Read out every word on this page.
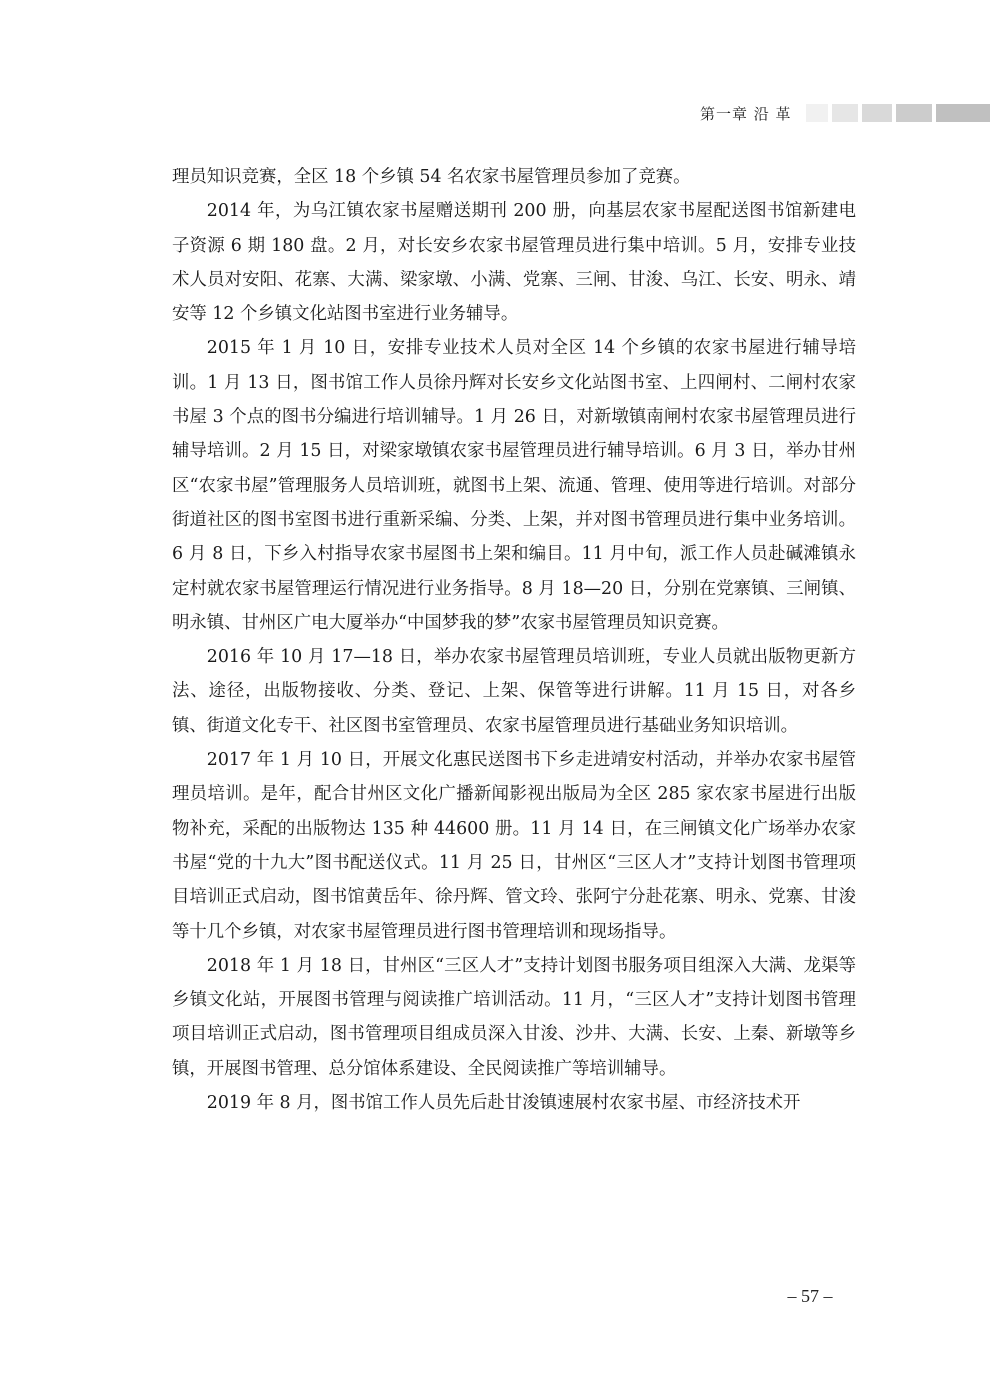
第一章 沿 革

理员知识竞赛，全区 18 个乡镇 54 名农家书屋管理员参加了竞赛。

2014 年，为乌江镇农家书屋赠送期刊 200 册，向基层农家书屋配送图书馆新建电子资源 6 期 180 盘。2 月，对长安乡农家书屋管理员进行集中培训。5 月，安排专业技术人员对安阳、花寨、大满、梁家墩、小满、党寨、三闸、甘浚、乌江、长安、明永、靖安等 12 个乡镇文化站图书室进行业务辅导。

2015 年 1 月 10 日，安排专业技术人员对全区 14 个乡镇的农家书屋进行辅导培训。1 月 13 日，图书馆工作人员徐丹辉对长安乡文化站图书室、上四闸村、二闸村农家书屋 3 个点的图书分编进行培训辅导。1 月 26 日，对新墩镇南闸村农家书屋管理员进行辅导培训。2 月 15 日，对梁家墩镇农家书屋管理员进行辅导培训。6 月 3 日，举办甘州区“农家书屋”管理服务人员培训班，就图书上架、流通、管理、使用等进行培训。对部分街道社区的图书室图书进行重新采编、分类、上架，并对图书管理员进行集中业务培训。6 月 8 日，下乡入村指导农家书屋图书上架和编目。11 月中旬，派工作人员赴碱滩镇永定村就农家书屋管理运行情况进行业务指导。8 月 18—20 日，分别在党寨镇、三闸镇、明永镇、甘州区广电大厦举办“中国梦我的梦”农家书屋管理员知识竞赛。

2016 年 10 月 17—18 日，举办农家书屋管理员培训班，专业人员就出版物更新方法、途径，出版物接收、分类、登记、上架、保管等进行讲解。11 月 15 日，对各乡镇、街道文化专干、社区图书室管理员、农家书屋管理员进行基础业务知识培训。

2017 年 1 月 10 日，开展文化惠民送图书下乡走进靖安村活动，并举办农家书屋管理员培训。是年，配合甘州区文化广播新闻影视出版局为全区 285 家农家书屋进行出版物补充，采配的出版物达 135 种 44600 册。11 月 14 日，在三闸镇文化广场举办农家书屋“党的十九大”图书配送仪式。11 月 25 日，甘州区“三区人才”支持计划图书管理项目培训正式启动，图书馆黄岳年、徐丹辉、管文玲、张阿宁分赴花寨、明永、党寨、甘浚等十几个乡镇，对农家书屋管理员进行图书管理培训和现场指导。

2018 年 1 月 18 日，甘州区“三区人才”支持计划图书服务项目组深入大满、龙渠等乡镇文化站，开展图书管理与阅读推广培训活动。11 月，“三区人才”支持计划图书管理项目培训正式启动，图书管理项目组成员深入甘浚、沙井、大满、长安、上秦、新墩等乡镇，开展图书管理、总分馆体系建设、全民阅读推广等培训辅导。

2019 年 8 月，图书馆工作人员先后赴甘浚镇速展村农家书屋、市经济技术开

– 57 –
